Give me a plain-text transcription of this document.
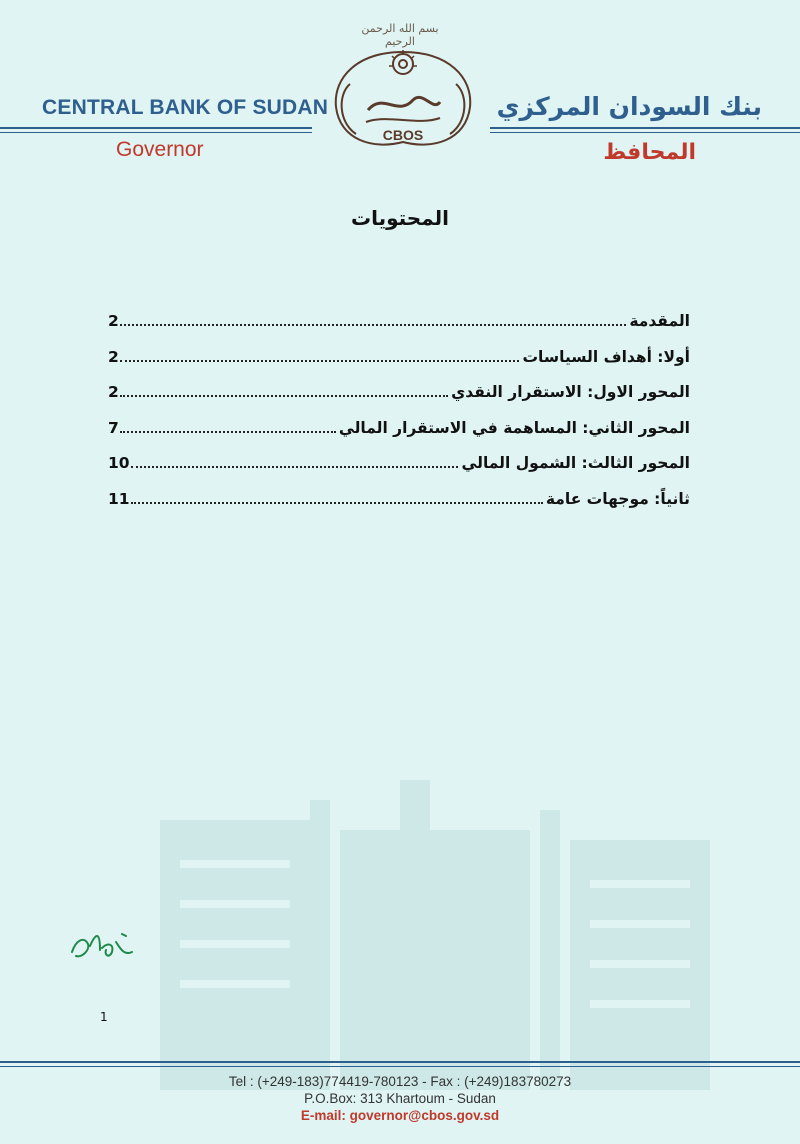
CENTRAL BANK OF SUDAN
Governor
بسم الله الرحمن الرحيم
CBOS
بنك السودان المركزي
المحافظ
المحتويات
المقدمة
2
أولا: أهداف السياسات
2
المحور الاول: الاستقرار النقدي
2
المحور الثاني: المساهمة في الاستقرار المالي
7
المحور الثالث: الشمول المالي
10
ثانياً: موجهات عامة
11
1
Tel : (+249-183)774419-780123 - Fax : (+249)183780273
P.O.Box: 313 Khartoum - Sudan
E-mail: governor@cbos.gov.sd
